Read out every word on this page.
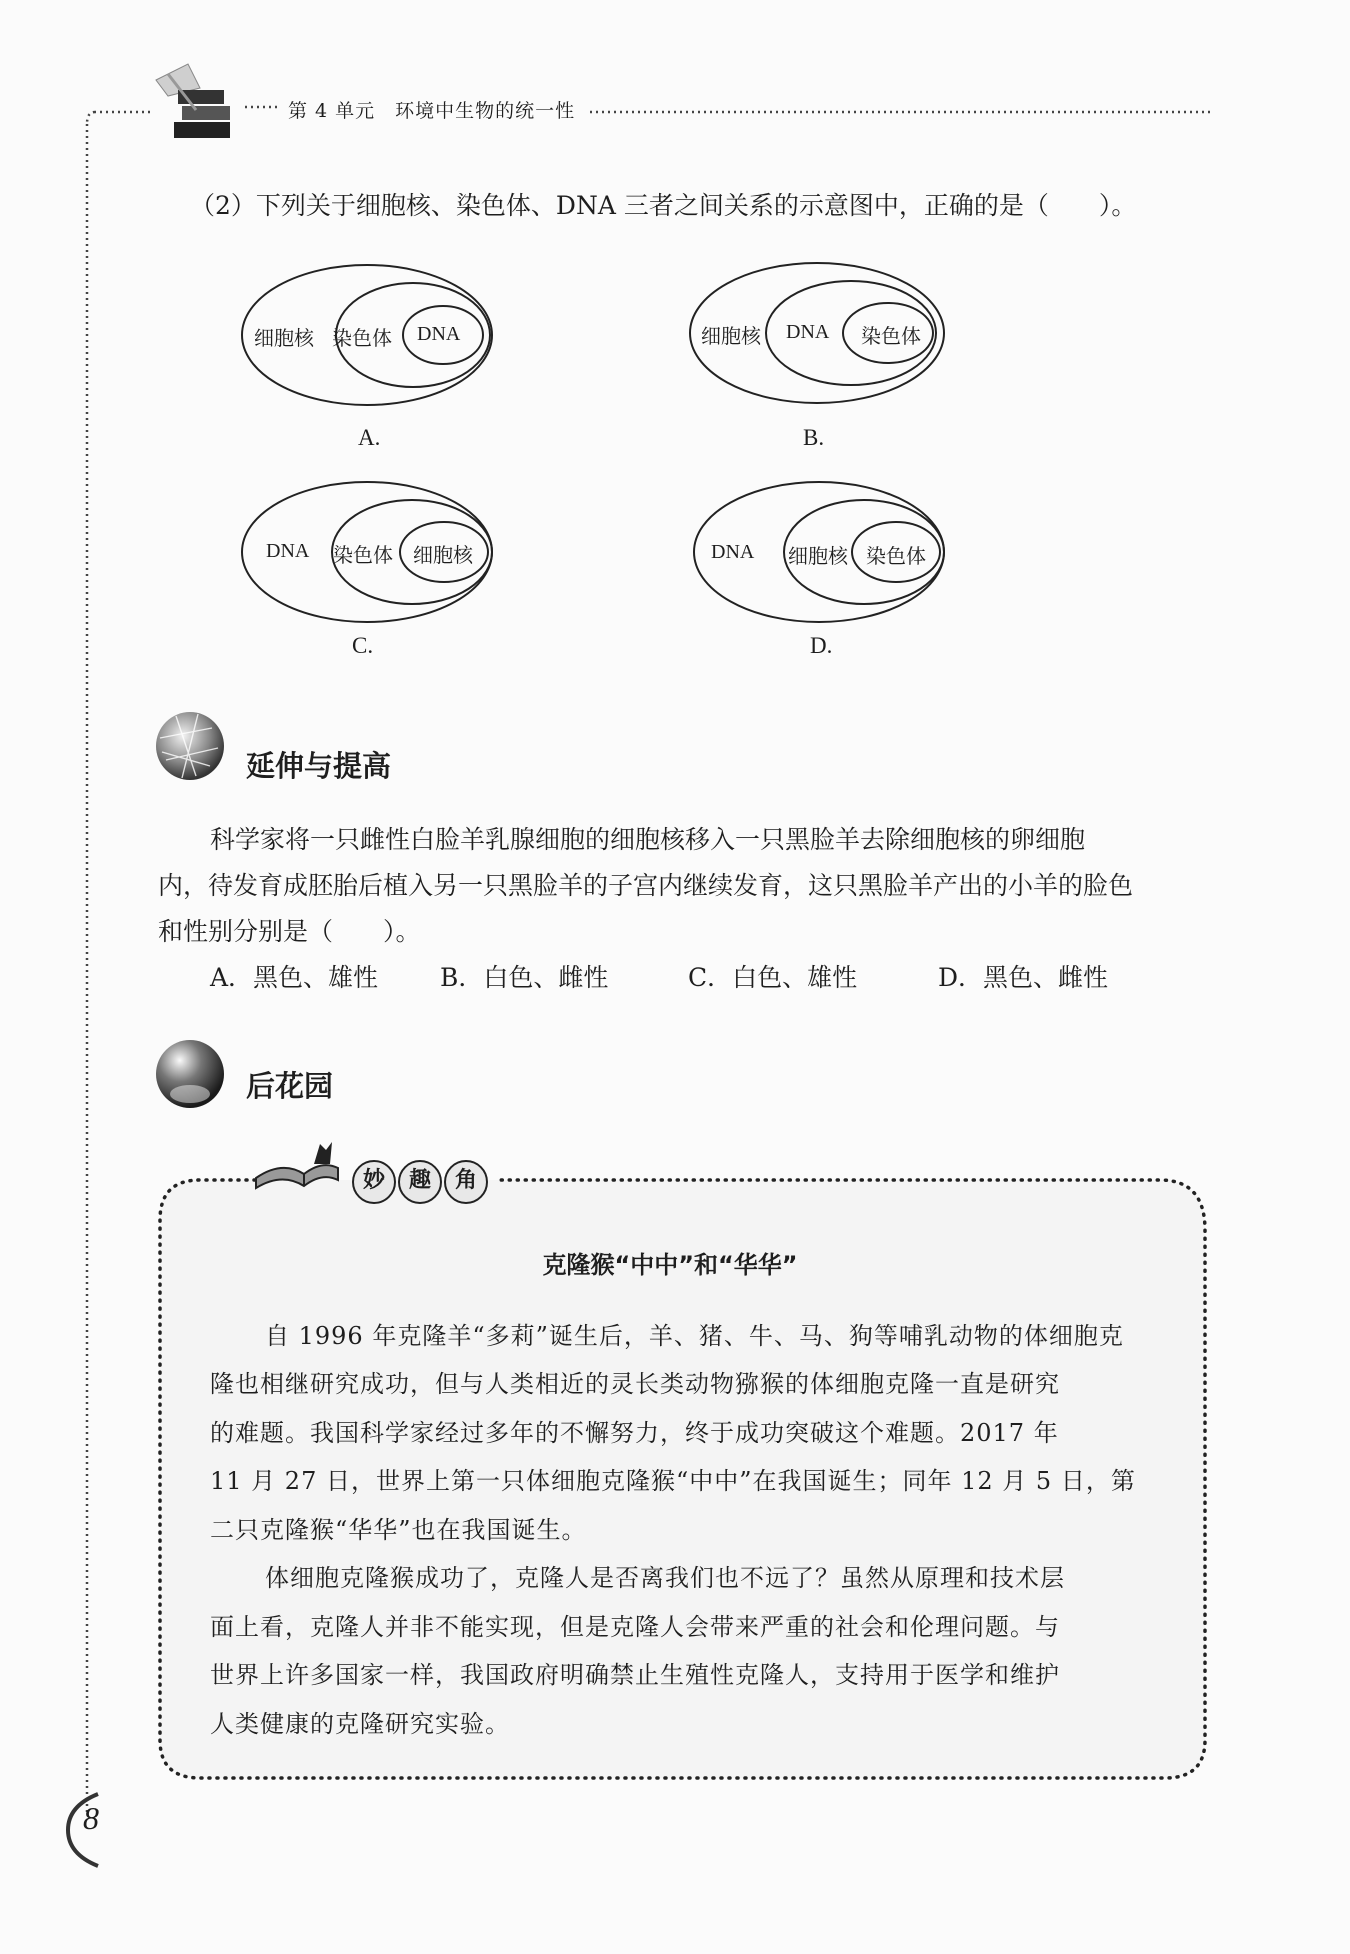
第 4 单元　环境中生物的统一性
（2）下列关于细胞核、染色体、DNA 三者之间关系的示意图中，正确的是（　　）。
细胞核 染色体 DNA
A.
细胞核 DNA 染色体
B.
DNA 染色体 细胞核
C.
DNA 细胞核 染色体
D.
延伸与提高
科学家将一只雌性白脸羊乳腺细胞的细胞核移入一只黑脸羊去除细胞核的卵细胞
内，待发育成胚胎后植入另一只黑脸羊的子宫内继续发育，这只黑脸羊产出的小羊的脸色
和性别分别是（　　）。
A．黑色、雄性 B．白色、雌性	C．白色、雄性	D．黑色、雌性
后花园
妙	趣	角
克隆猴“中中”和“华华”
自 1996 年克隆羊“多莉”诞生后，羊、猪、牛、马、狗等哺乳动物的体细胞克
隆也相继研究成功，但与人类相近的灵长类动物猕猴的体细胞克隆一直是研究
的难题。我国科学家经过多年的不懈努力，终于成功突破这个难题。2017 年
11 月 27 日，世界上第一只体细胞克隆猴“中中”在我国诞生；同年 12 月 5 日，第
二只克隆猴“华华”也在我国诞生。
体细胞克隆猴成功了，克隆人是否离我们也不远了？虽然从原理和技术层
面上看，克隆人并非不能实现，但是克隆人会带来严重的社会和伦理问题。与
世界上许多国家一样，我国政府明确禁止生殖性克隆人，支持用于医学和维护
人类健康的克隆研究实验。
8
